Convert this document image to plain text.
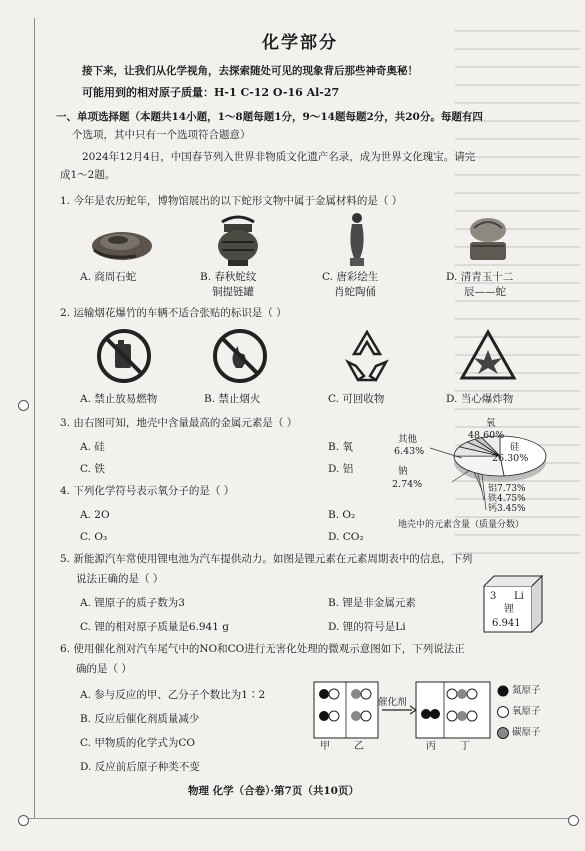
化学部分
接下来，让我们从化学视角，去探索随处可见的现象背后那些神奇奥秘！
可能用到的相对原子质量：H-1 C-12 O-16 Al-27
一、单项选择题（本题共14小题，1～8题每题1分，9～14题每题2分，共20分。每题有四
个选项，其中只有一个选项符合题意）
2024年12月4日，中国春节列入世界非物质文化遗产名录，成为世界文化瑰宝。请完
成1～2题。
1. 今年是农历蛇年，博物馆展出的以下蛇形文物中属于金属材料的是（ ）
A. 商周石蛇	B. 春秋蛇纹
铜提链罐
C. 唐彩绘生
肖蛇陶俑
D. 清青玉十二
辰——蛇
2. 运输烟花爆竹的车辆不适合张贴的标识是（ ）
A. 禁止放易燃物	B. 禁止烟火	C. 可回收物	D. 当心爆炸物
3. 由右图可知，地壳中含量最高的金属元素是（ ）
A. 硅	B. 氧
C. 铁	D. 铝
氧
48.60%
硅
26.30%
其他
6.43%
钠
2.74%	铝7.73%
铁4.75%
钙3.45%
地壳中的元素含量（质量分数）
4. 下列化学符号表示氧分子的是（ ）
A. 2O	B. O₂
C. O₃	D. CO₂
5. 新能源汽车常使用锂电池为汽车提供动力。如图是锂元素在元素周期表中的信息，下列
说法正确的是（ ）
A. 锂原子的质子数为3	B. 锂是非金属元素
C. 锂的相对原子质量是6.941 g	D. 锂的符号是Li
3 Li
锂
6.941
6. 使用催化剂对汽车尾气中的NO和CO进行无害化处理的微观示意图如下，下列说法正
确的是（ ）
A. 参与反应的甲、乙分子个数比为1∶2
B. 反应后催化剂质量减少
C. 甲物质的化学式为CO
D. 反应前后原子种类不变
催化剂
甲 乙	丙 丁
氮原子
氧原子
碳原子
物理 化学（合卷）·第7页（共10页）
